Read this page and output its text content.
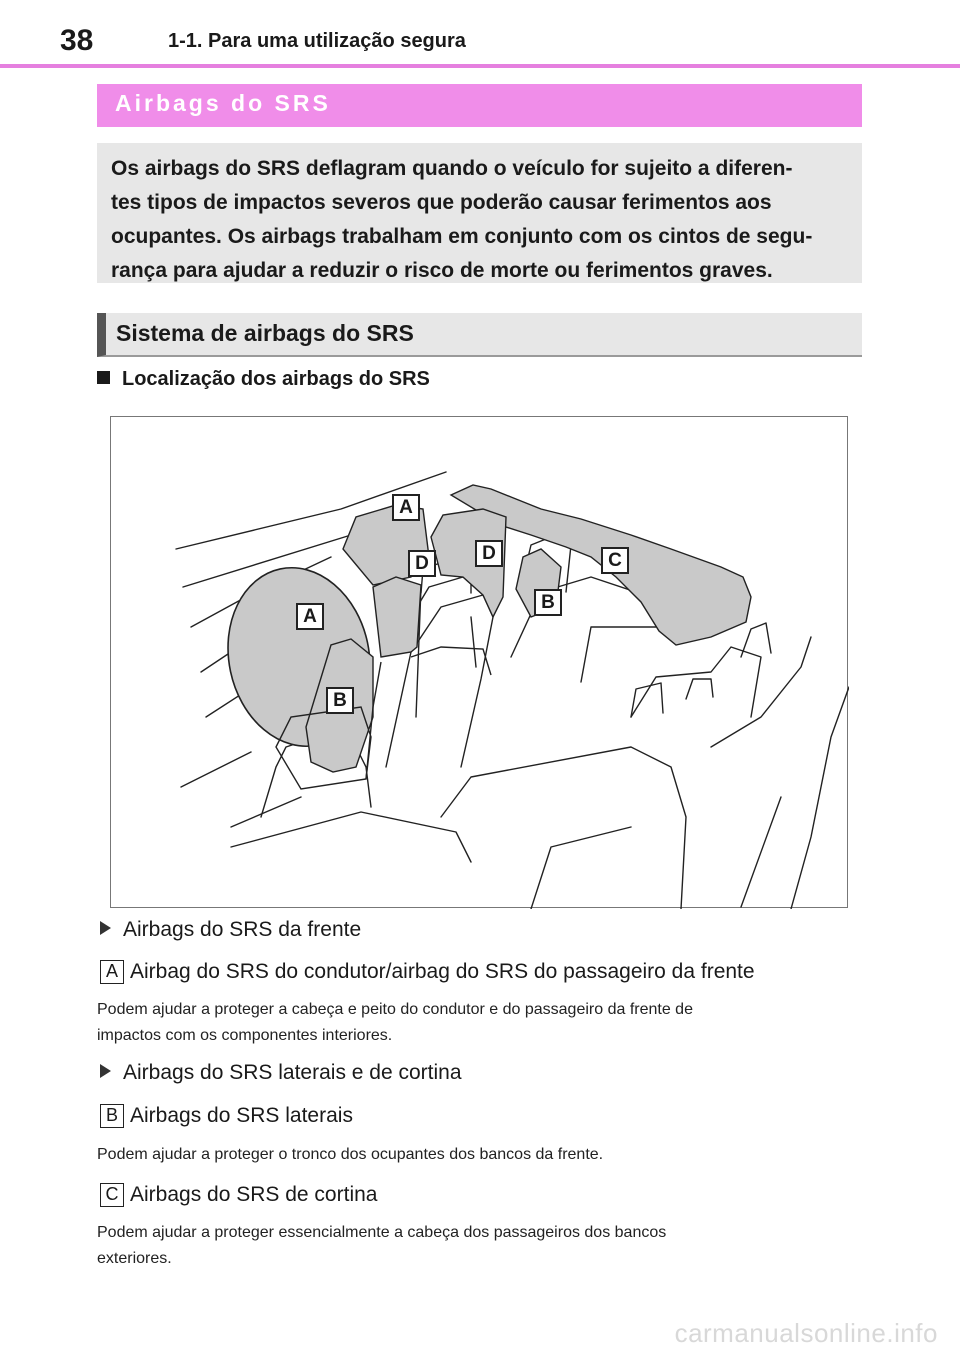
38	1-1. Para uma utilização segura
Airbags do SRS
Os airbags do SRS deflagram quando o veículo for sujeito a diferen-
tes tipos de impactos severos que poderão causar ferimentos aos
ocupantes. Os airbags trabalham em conjunto com os cintos de segu-
rança para ajudar a reduzir o risco de morte ou ferimentos graves.
Sistema de airbags do SRS
Localização dos airbags do SRS
A
D	D	C
B
A
B
Airbags do SRS da frente
A Airbag do SRS do condutor/airbag do SRS do passageiro da frente
Podem ajudar a proteger a cabeça e peito do condutor e do passageiro da frente de
impactos com os componentes interiores.
Airbags do SRS laterais e de cortina
B Airbags do SRS laterais
Podem ajudar a proteger o tronco dos ocupantes dos bancos da frente.
C Airbags do SRS de cortina
Podem ajudar a proteger essencialmente a cabeça dos passageiros dos bancos
exteriores.
carmanualsonline.info
